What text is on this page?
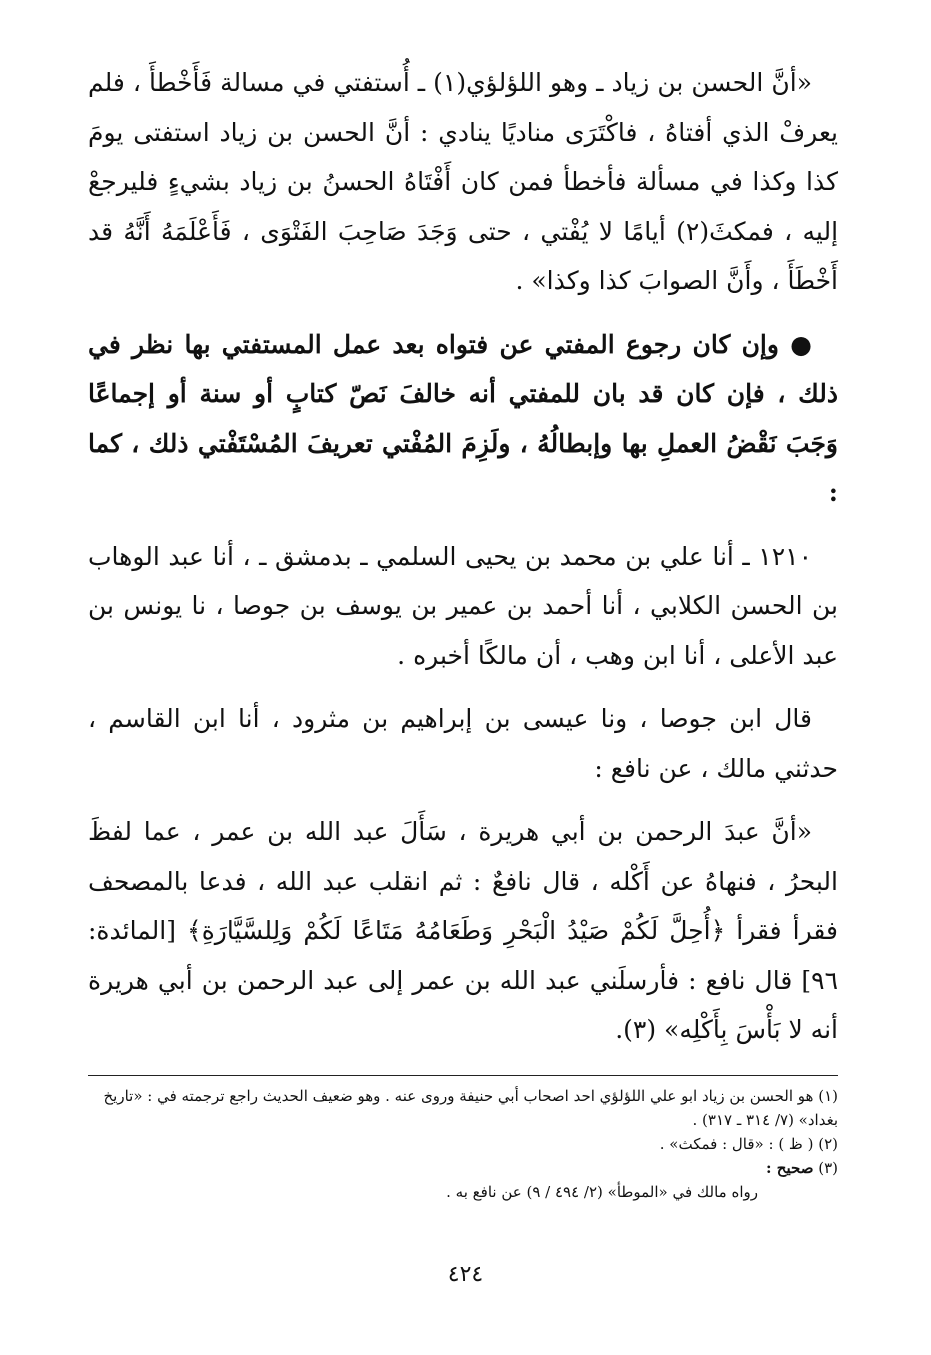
«أنَّ الحسن بن زياد ـ وهو اللؤلؤي(١) ـ أُستفتي في مسالة فَأَخْطأَ ، فلم يعرفْ الذي أفتاهُ ، فاكْتَرَى مناديًا ينادي : أنَّ الحسن بن زياد استفتى يومَ كذا وكذا في مسألة فأخطأ فمن كان أَفْتَاهُ الحسنُ بن زياد بشيءٍ فليرجعْ إليه ، فمكثَ(٢) أيامًا لا يُفْتي ، حتى وَجَدَ صَاحِبَ الفَتْوَى ، فَأَعْلَمَهُ أَنَّهُ قد أَخْطَأَ ، وأَنَّ الصوابَ كذا وكذا» .

● وإن كان رجوع المفتي عن فتواه بعد عمل المستفتي بها نظر في ذلك ، فإن كان قد بان للمفتي أنه خالفَ نَصّ كتابٍ أو سنة أو إجماعًا وَجَبَ نَقْضُ العملِ بها وإبطالُهُ ، ولَزِمَ المُفْتي تعريفَ المُسْتَفْتي ذلك ، كما :

١٢١٠ ـ أنا علي بن محمد بن يحيى السلمي ـ بدمشق ـ ، أنا عبد الوهاب بن الحسن الكلابي ، أنا أحمد بن عمير بن يوسف بن جوصا ، نا يونس بن عبد الأعلى ، أنا ابن وهب ، أن مالكًا أخبره .

قال ابن جوصا ، ونا عيسى بن إبراهيم بن مثرود ، أنا ابن القاسم ، حدثني مالك ، عن نافع :

«أنَّ عبدَ الرحمن بن أبي هريرة ، سَأَلَ عبد الله بن عمر ، عما لفظَ البحرُ ، فنهاهُ عن أَكْله ، قال نافعٌ : ثم انقلب عبد الله ، فدعا بالمصحف فقرأ فقرأ ﴿أُحِلَّ لَكُمْ صَيْدُ الْبَحْرِ وَطَعَامُهُ مَتَاعًا لَكُمْ وَلِلسَّيَّارَةِ﴾ [المائدة: ٩٦] قال نافع : فأرسلَني عبد الله بن عمر إلى عبد الرحمن بن أبي هريرة أنه لا بَأْسَ بِأَكْلِه» (٣).

(١) هو الحسن بن زياد ابو علي اللؤلؤي احد اصحاب أبي حنيفة وروى عنه . وهو ضعيف الحديث راجع ترجمته في : «تاريخ بغداد» (٧/ ٣١٤ ـ ٣١٧) .

(٢) ( ظ ) : «قال : فمكث» .

(٣) صحيح :

رواه مالك في «الموطأ» (٢/ ٤٩٤ / ٩) عن نافع به .

٤٢٤
